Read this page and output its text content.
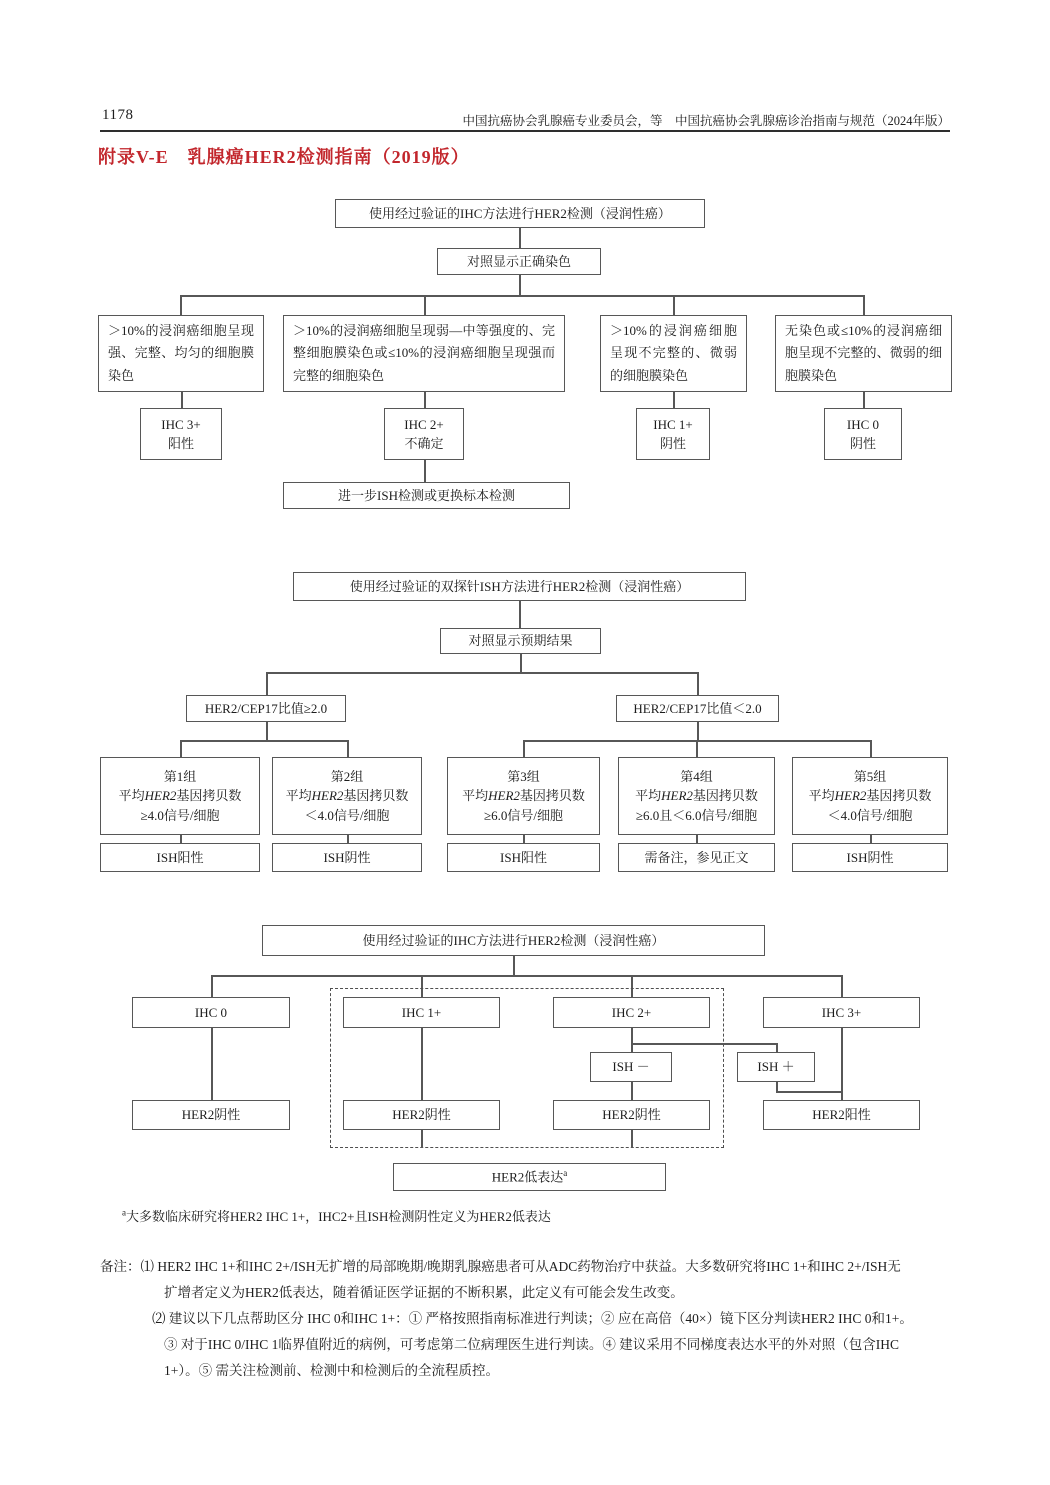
1178	中国抗癌协会乳腺癌专业委员会，等　中国抗癌协会乳腺癌诊治指南与规范（2024年版）
附录V-E　乳腺癌HER2检测指南（2019版）
使用经过验证的IHC方法进行HER2检测（浸润性癌）
对照显示正确染色
＞10%的浸润癌细胞呈现强、完整、均匀的细胞膜染色
＞10%的浸润癌细胞呈现弱—中等强度的、完整细胞膜染色或≤10%的浸润癌细胞呈现强而完整的细胞染色
＞10%的浸润癌细胞呈现不完整的、微弱的细胞膜染色
无染色或≤10%的浸润癌细胞呈现不完整的、微弱的细胞膜染色
IHC 3+
阳性
IHC 2+
不确定
IHC 1+
阴性
IHC 0
阴性
进一步ISH检测或更换标本检测
使用经过验证的双探针ISH方法进行HER2检测（浸润性癌）
对照显示预期结果
HER2/CEP17比值≥2.0	HER2/CEP17比值＜2.0
第1组
平均HER2基因拷贝数
≥4.0信号/细胞
第2组
平均HER2基因拷贝数
＜4.0信号/细胞
第3组
平均HER2基因拷贝数
≥6.0信号/细胞
第4组
平均HER2基因拷贝数
≥6.0且＜6.0信号/细胞
第5组
平均HER2基因拷贝数
＜4.0信号/细胞
ISH阳性	ISH阴性	ISH阳性	需备注，参见正文	ISH阴性
使用经过验证的IHC方法进行HER2检测（浸润性癌）
IHC 0	IHC 1+	IHC 2+	IHC 3+
ISH －	ISH ＋
HER2阴性	HER2阴性	HER2阴性	HER2阳性
HER2低表达$^a$
$^a$大多数临床研究将HER2 IHC 1+，IHC2+且ISH检测阴性定义为HER2低表达
备注：⑴ HER2 IHC 1+和IHC 2+/ISH无扩增的局部晚期/晚期乳腺癌患者可从ADC药物治疗中获益。大多数研究将IHC 1+和IHC 2+/ISH无
扩增者定义为HER2低表达，随着循证医学证据的不断积累，此定义有可能会发生改变。
⑵ 建议以下几点帮助区分 IHC 0和IHC 1+：① 严格按照指南标准进行判读；② 应在高倍（40×）镜下区分判读HER2 IHC 0和1+。
③ 对于IHC 0/IHC 1临界值附近的病例，可考虑第二位病理医生进行判读。④ 建议采用不同梯度表达水平的外对照（包含IHC
1+）。⑤ 需关注检测前、检测中和检测后的全流程质控。
